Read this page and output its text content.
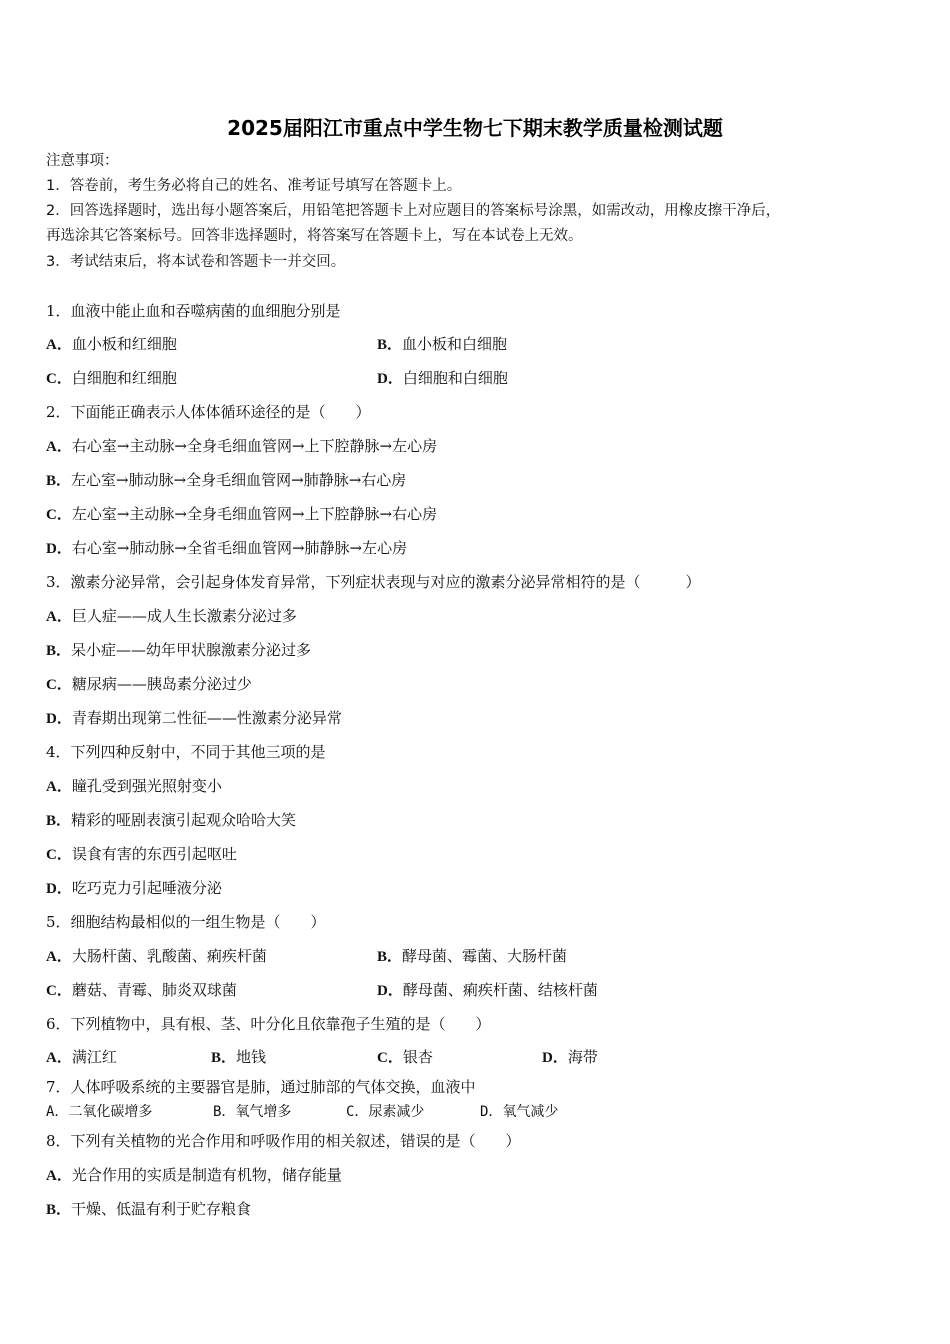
2025届阳江市重点中学生物七下期末教学质量检测试题
注意事项：
1．答卷前，考生务必将自己的姓名、准考证号填写在答题卡上。
2．回答选择题时，选出每小题答案后，用铅笔把答题卡上对应题目的答案标号涂黑，如需改动，用橡皮擦干净后，
再选涂其它答案标号。回答非选择题时，将答案写在答题卡上，写在本试卷上无效。
3．考试结束后，将本试卷和答题卡一并交回。
1．血液中能止血和吞噬病菌的血细胞分别是
A．血小板和红细胞	B．血小板和白细胞
C．白细胞和红细胞	D．白细胞和白细胞
2．下面能正确表示人体体循环途径的是（　　）
A．右心室→主动脉→全身毛细血管网→上下腔静脉→左心房
B．左心室→肺动脉→全身毛细血管网→肺静脉→右心房
C．左心室→主动脉→全身毛细血管网→上下腔静脉→右心房
D．右心室→肺动脉→全省毛细血管网→肺静脉→左心房
3．激素分泌异常，会引起身体发育异常，下列症状表现与对应的激素分泌异常相符的是（　　　）
A．巨人症——成人生长激素分泌过多
B．呆小症——幼年甲状腺激素分泌过多
C．糖尿病——胰岛素分泌过少
D．青春期出现第二性征——性激素分泌异常
4．下列四种反射中，不同于其他三项的是
A．瞳孔受到强光照射变小
B．精彩的哑剧表演引起观众哈哈大笑
C．误食有害的东西引起呕吐
D．吃巧克力引起唾液分泌
5．细胞结构最相似的一组生物是（　　）
A．大肠杆菌、乳酸菌、痢疾杆菌	B．酵母菌、霉菌、大肠杆菌
C．蘑菇、青霉、肺炎双球菌	D．酵母菌、痢疾杆菌、结核杆菌
6．下列植物中，具有根、茎、叶分化且依靠孢子生殖的是（　　）
A．满江红	B．地钱	C．银杏	D．海带
7．人体呼吸系统的主要器官是肺，通过肺部的气体交换，血液中
A．二氧化碳增多	B．氧气增多	C．尿素减少	D．氧气减少
8．下列有关植物的光合作用和呼吸作用的相关叙述，错误的是（　　）
A．光合作用的实质是制造有机物，储存能量
B．干燥、低温有利于贮存粮食
